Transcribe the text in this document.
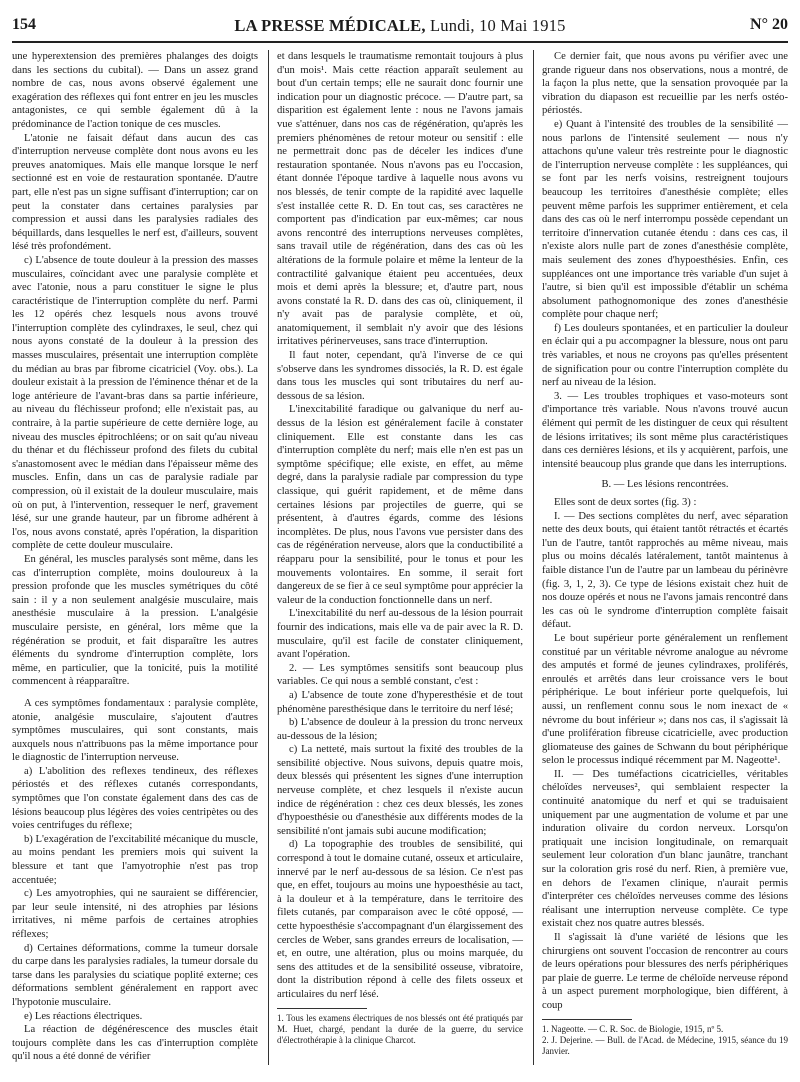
154	LA PRESSE MÉDICALE, Lundi, 10 Mai 1915	N° 20

une hyperextension des premières phalanges des doigts dans les sections du cubital). — Dans un assez grand nombre de cas, nous avons observé également une exagération des réflexes qui font entrer en jeu les muscles antagonistes, ce qui semble également dû à la prédominance de l'action tonique de ces muscles.

L'atonie ne faisait défaut dans aucun des cas d'interruption nerveuse complète dont nous avons eu les preuves anatomiques. Mais elle manque lorsque le nerf sectionné est en voie de restauration spontanée. D'autre part, elle n'est pas un signe suffisant d'interruption; car on peut la constater dans certaines paralysies par compression et aussi dans les paralysies radiales des béquillards, dans lesquelles le nerf est, d'ailleurs, souvent lésé très profondément.

c) L'absence de toute douleur à la pression des masses musculaires, coïncidant avec une paralysie complète et avec l'atonie, nous a paru constituer le signe le plus caractéristique de l'interruption complète du nerf. Parmi les 12 opérés chez lesquels nous avons trouvé l'interruption complète des cylindraxes, le seul, chez qui nous ayons constaté de la douleur à la pression des masses musculaires, présentait une interruption complète du médian au bras par fibrome cicatriciel (Voy. obs.). La douleur existait à la pression de l'éminence thénar et de la loge antérieure de l'avant-bras dans sa partie inférieure, au niveau du fléchisseur profond; elle n'existait pas, au contraire, à la partie supérieure de cette dernière loge, au niveau des muscles épitrochléens; or on sait qu'au niveau du thénar et du fléchisseur profond des filets du cubital s'anastomosent avec le médian dans l'épaisseur même des muscles. Enfin, dans un cas de paralysie radiale par compression, où il existait de la douleur musculaire, mais où on put, à l'intervention, ressequer le nerf, gravement lésé, sur une grande hauteur, par un fibrome adhérent à l'os, nous avons constaté, après l'opération, la disparition complète de cette douleur musculaire.

En général, les muscles paralysés sont même, dans les cas d'interruption complète, moins douloureux à la pression profonde que les muscles symétriques du côté sain : il y a non seulement analgésie musculaire, mais anesthésie musculaire à la pression. L'analgésie musculaire persiste, en général, lors même que la régénération se produit, et fait disparaître les autres éléments du syndrome d'interruption complète, lors même, en particulier, que la tonicité, puis la motilité commencent à réapparaître.

A ces symptômes fondamentaux : paralysie complète, atonie, analgésie musculaire, s'ajoutent d'autres symptômes musculaires, qui sont constants, mais auxquels nous n'attribuons pas la même importance pour le diagnostic de l'interruption nerveuse.

a) L'abolition des reflexes tendineux, des réflexes périostés et des réflexes cutanés correspondants, symptômes que l'on constate également dans des cas de lésions beaucoup plus légères des voies centripètes ou des voies centrifuges du réflexe;

b) L'exagération de l'excitabilité mécanique du muscle, au moins pendant les premiers mois qui suivent la blessure et tant que l'amyotrophie n'est pas trop accentuée;

c) Les amyotrophies, qui ne sauraient se différencier, par leur seule intensité, ni des atrophies par lésions irritatives, ni même parfois de certaines atrophies réflexes;

d) Certaines déformations, comme la tumeur dorsale du carpe dans les paralysies radiales, la tumeur dorsale du tarse dans les paralysies du sciatique poplité externe; ces déformations semblent généralement en rapport avec l'hypotonie musculaire.

e) Les réactions électriques.

La réaction de dégénérescence des muscles était toujours complète dans les cas d'interruption complète qu'il nous a été donné de vérifier

et dans lesquels le traumatisme remontait toujours à plus d'un mois¹. Mais cette réaction apparaît seulement au bout d'un certain temps; elle ne saurait donc fournir une indication pour un diagnostic précoce. — D'autre part, sa disparition est également lente : nous ne l'avons jamais vue s'atténuer, dans nos cas de régénération, qu'après les premiers phénomènes de retour moteur ou sensitif : elle ne permettrait donc pas de déceler les indices d'une restauration spontanée. Nous n'avons pas eu l'occasion, étant donnée l'époque tardive à laquelle nous avons vu nos blessés, de tenir compte de la rapidité avec laquelle s'est installée cette R. D. En tout cas, ses caractères ne comportent pas d'indication par eux-mêmes; car nous avons rencontré des interruptions nerveuses complètes, sans travail utile de régénération, dans des cas où les altérations de la formule polaire et même la lenteur de la contractilité galvanique étaient peu accentuées, deux mois et demi après la blessure; et, d'autre part, nous avons constaté la R. D. dans des cas où, cliniquement, il n'y avait pas de paralysie complète, et où, anatomiquement, il semblait n'y avoir que des lésions irritatives périnerveuses, sans trace d'interruption.

Il faut noter, cependant, qu'à l'inverse de ce qui s'observe dans les syndromes dissociés, la R. D. est égale dans tous les muscles qui sont tributaires du nerf au-dessous de sa lésion.

L'inexcitabilité faradique ou galvanique du nerf au-dessus de la lésion est généralement facile à constater cliniquement. Elle est constante dans les cas d'interruption complète du nerf; mais elle n'en est pas un symptôme spécifique; elle existe, en effet, au même degré, dans la paralysie radiale par compression du type classique, qui guérit rapidement, et de même dans certaines lésions par projectiles de guerre, qui se présentent, à d'autres égards, comme des lésions incomplètes. De plus, nous l'avons vue persister dans des cas de régénération nerveuse, alors que la conductibilité a réapparu pour la sensibilité, pour le tonus et pour les mouvements volontaires. En somme, il serait fort dangereux de se fier à ce seul symptôme pour apprécier la valeur de la conduction fonctionnelle dans un nerf.

L'inexcitabilité du nerf au-dessous de la lésion pourrait fournir des indications, mais elle va de pair avec la R. D. musculaire, qu'il est facile de constater cliniquement, avant l'opération.

2. — Les symptômes sensitifs sont beaucoup plus variables. Ce qui nous a semblé constant, c'est :

a) L'absence de toute zone d'hyperesthésie et de tout phénomène paresthésique dans le territoire du nerf lésé;

b) L'absence de douleur à la pression du tronc nerveux au-dessous de la lésion;

c) La netteté, mais surtout la fixité des troubles de la sensibilité objective. Nous suivons, depuis quatre mois, deux blessés qui présentent les signes d'une interruption nerveuse complète, et chez lesquels il n'existe aucun indice de régénération : chez ces deux blessés, les zones d'hypoesthésie ou d'anesthésie aux différents modes de la sensibilité n'ont jamais subi aucune modification;

d) La topographie des troubles de sensibilité, qui correspond à tout le domaine cutané, osseux et articulaire, innervé par le nerf au-dessous de sa lésion. Ce n'est pas que, en effet, toujours au moins une hypoesthésie au tact, à la douleur et à la température, dans le territoire des filets cutanés, par comparaison avec le côté opposé, — cette hypoesthésie s'accompagnant d'un élargissement des cercles de Weber, sans grandes erreurs de localisation, — et, en outre, une altération, plus ou moins marquée, du sens des attitudes et de la sensibilité osseuse, vibratoire, dont la distribution répond à celle des filets osseux et articulaires du nerf lésé.

1. Tous les examens électriques de nos blessés ont été pratiqués par M. Huet, chargé, pendant la durée de la guerre, du service d'électrothérapie à la clinique Charcot.

Ce dernier fait, que nous avons pu vérifier avec une grande rigueur dans nos observations, nous a montré, de la façon la plus nette, que la sensation provoquée par la vibration du diapason est recueillie par les nerfs ostéo-périostés.

e) Quant à l'intensité des troubles de la sensibilité — nous parlons de l'intensité seulement — nous n'y attachons qu'une valeur très restreinte pour le diagnostic de l'interruption nerveuse complète : les suppléances, qui se font par les nerfs voisins, restreignent toujours beaucoup les territoires d'anesthésie complète; elles peuvent même parfois les supprimer entièrement, et cela dans des cas où le nerf interrompu possède cependant un territoire d'innervation cutanée étendu : dans ces cas, il n'existe alors nulle part de zones d'anesthésie complète, mais seulement des zones d'hypoesthésies. Enfin, ces suppléances ont une importance très variable d'un sujet à l'autre, si bien qu'il est impossible d'établir un schéma absolument pathognomonique des zones d'anesthésie complète pour chaque nerf;

f) Les douleurs spontanées, et en particulier la douleur en éclair qui a pu accompagner la blessure, nous ont paru très variables, et nous ne croyons pas qu'elles présentent de signification pour ou contre l'interruption complète du nerf au niveau de la lésion.

3. — Les troubles trophiques et vaso-moteurs sont d'importance très variable. Nous n'avons trouvé aucun élément qui permît de les distinguer de ceux qui résultent de lésions irritatives; ils sont même plus caractéristiques dans ces dernières lésions, et ils y acquièrent, parfois, une intensité beaucoup plus grande que dans les interruptions.

B. — Les lésions rencontrées.

Elles sont de deux sortes (fig. 3) :

I. — Des sections complètes du nerf, avec séparation nette des deux bouts, qui étaient tantôt rétractés et écartés l'un de l'autre, tantôt rapprochés au même niveau, mais plus ou moins décalés latéralement, tantôt maintenus à faible distance l'un de l'autre par un lambeau du périnèvre (fig. 3, 1, 2, 3). Ce type de lésions existait chez huit de nos douze opérés et nous ne l'avons jamais rencontré dans les cas où le syndrome d'interruption complète faisait défaut.

Le bout supérieur porte généralement un renflement constitué par un véritable névrome analogue au névrome des amputés et formé de jeunes cylindraxes, proliférés, enroulés et arrêtés dans leur croissance vers le bout périphérique. Le bout inférieur porte quelquefois, lui aussi, un renflement connu sous le nom inexact de « névrome du bout inférieur »; dans nos cas, il s'agissait là d'une prolifération fibreuse cicatricielle, avec production gliomateuse des gaines de Schwann du bout périphérique selon le processus indiqué récemment par M. Nageotte¹.

II. — Des tuméfactions cicatricielles, véritables chéloïdes nerveuses², qui semblaient respecter la continuité anatomique du nerf et qui se traduisaient uniquement par une augmentation de volume et par une induration olivaire du cordon nerveux. Lorsqu'on pratiquait une incision longitudinale, on remarquait seulement leur coloration d'un blanc jaunâtre, tranchant sur la coloration gris rosé du nerf. Rien, à première vue, en dehors de l'examen clinique, n'aurait permis d'interpréter ces chéloïdes nerveuses comme des lésions réalisant une interruption nerveuse complète. Ce type existait chez nos quatre autres blessés.

Il s'agissait là d'une variété de lésions que les chirurgiens ont souvent l'occasion de rencontrer au cours de leurs opérations pour blessures des nerfs périphériques par plaie de guerre. Le terme de chéloïde nerveuse répond à un aspect purement morphologique, bien différent, à coup

1. Nageotte. — C. R. Soc. de Biologie, 1915, nº 5.

2. J. Dejerine. — Bull. de l'Acad. de Médecine, 1915, séance du 19 Janvier.
